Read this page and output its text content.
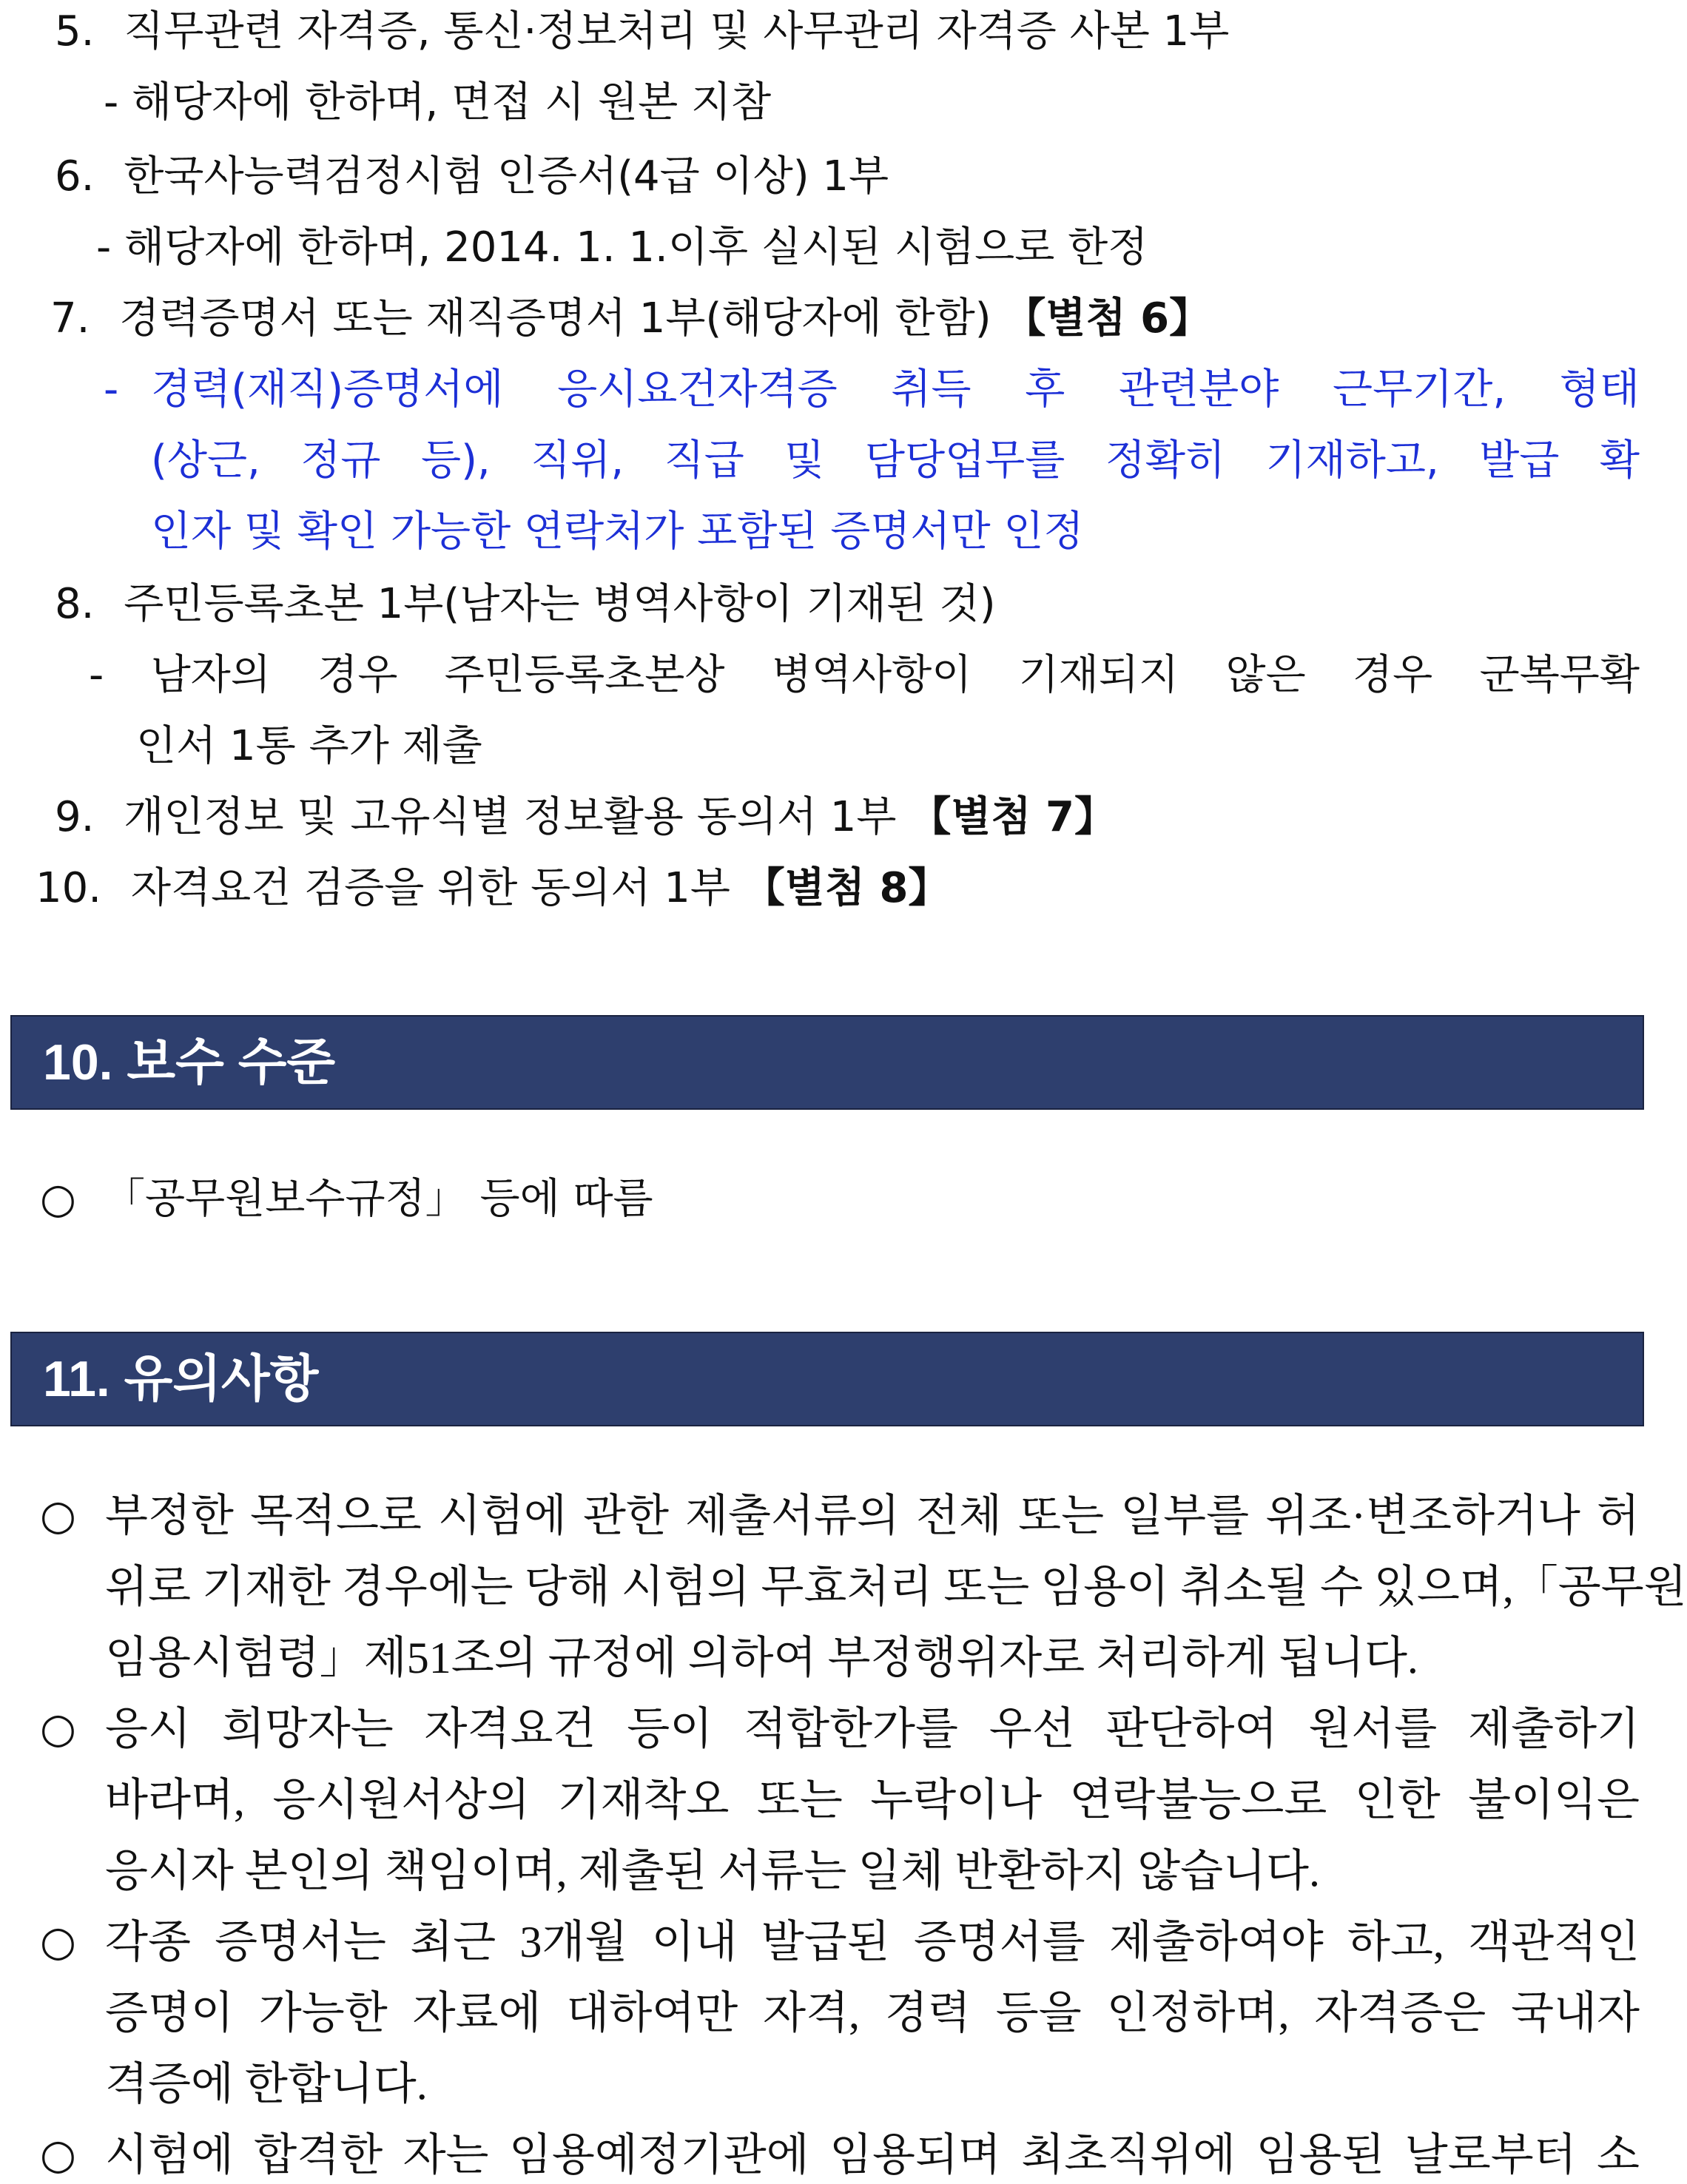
5. 직무관련 자격증, 통신·정보처리 및 사무관리 자격증 사본 1부
- 해당자에 한하며, 면접 시 원본 지참
6. 한국사능력검정시험 인증서(4급 이상) 1부
- 해당자에 한하며, 2014. 1. 1.이후 실시된 시험으로 한정
7. 경력증명서 또는 재직증명서 1부(해당자에 한함) 【별첨 6】
- 경력(재직)증명서에 응시요건자격증 취득 후 관련분야 근무기간, 형태
(상근, 정규 등), 직위, 직급 및 담당업무를 정확히 기재하고, 발급 확
인자 및 확인 가능한 연락처가 포함된 증명서만 인정
8. 주민등록초본 1부(남자는 병역사항이 기재된 것)
- 남자의 경우 주민등록초본상 병역사항이 기재되지 않은 경우 군복무확
인서 1통 추가 제출
9. 개인정보 및 고유식별 정보활용 동의서 1부 【별첨 7】
10. 자격요건 검증을 위한 동의서 1부 【별첨 8】
10. 보수 수준
○ 「공무원보수규정」 등에 따름
11. 유의사항
○ 부정한 목적으로 시험에 관한 제출서류의 전체 또는 일부를 위조·변조하거나 허
위로 기재한 경우에는 당해 시험의 무효처리 또는 임용이 취소될 수 있으며,「공무원
임용시험령」제51조의 규정에 의하여 부정행위자로 처리하게 됩니다.
○ 응시 희망자는 자격요건 등이 적합한가를 우선 판단하여 원서를 제출하기
바라며, 응시원서상의 기재착오 또는 누락이나 연락불능으로 인한 불이익은
응시자 본인의 책임이며, 제출된 서류는 일체 반환하지 않습니다.
○ 각종 증명서는 최근 3개월 이내 발급된 증명서를 제출하여야 하고, 객관적인
증명이 가능한 자료에 대하여만 자격, 경력 등을 인정하며, 자격증은 국내자
격증에 한합니다.
○ 시험에 합격한 자는 임용예정기관에 임용되며 최초직위에 임용된 날로부터 소
